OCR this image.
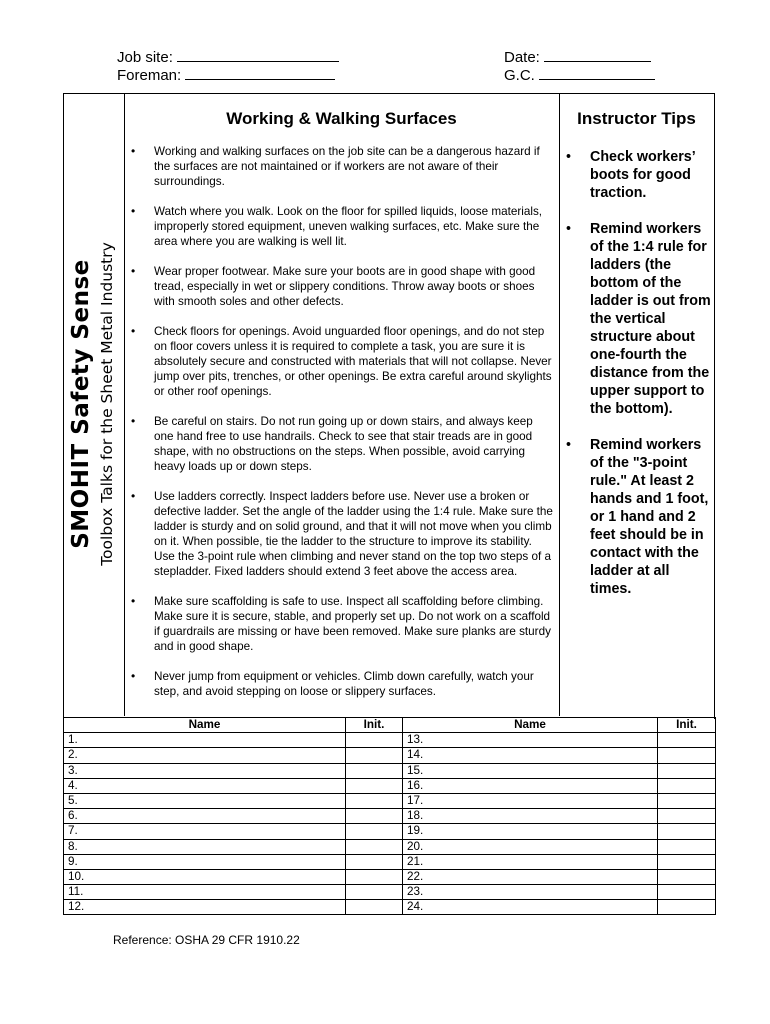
Job site:
Foreman:
Date:
G.C.
SMOHIT Safety Sense Toolbox Talks for the Sheet Metal Industry
Working & Walking Surfaces	Instructor Tips
• Working and walking surfaces on the job site can be a dangerous hazard if the surfaces are not maintained or if workers are not aware of their surroundings.
• Watch where you walk. Look on the floor for spilled liquids, loose materials, improperly stored equipment, uneven walking surfaces, etc. Make sure the area where you are walking is well lit.
• Wear proper footwear. Make sure your boots are in good shape with good tread, especially in wet or slippery conditions. Throw away boots or shoes with smooth soles and other defects.
• Check floors for openings. Avoid unguarded floor openings, and do not step on floor covers unless it is required to complete a task, you are sure it is absolutely secure and constructed with materials that will not collapse. Never jump over pits, trenches, or other openings. Be extra careful around skylights or other roof openings.
• Be careful on stairs. Do not run going up or down stairs, and always keep one hand free to use handrails. Check to see that stair treads are in good shape, with no obstructions on the steps. When possible, avoid carrying heavy loads up or down steps.
• Use ladders correctly. Inspect ladders before use. Never use a broken or defective ladder. Set the angle of the ladder using the 1:4 rule. Make sure the ladder is sturdy and on solid ground, and that it will not move when you climb on it. When possible, tie the ladder to the structure to improve its stability. Use the 3-point rule when climbing and never stand on the top two steps of a stepladder. Fixed ladders should extend 3 feet above the access area.
• Make sure scaffolding is safe to use. Inspect all scaffolding before climbing. Make sure it is secure, stable, and properly set up. Do not work on a scaffold if guardrails are missing or have been removed. Make sure planks are sturdy and in good shape.
• Never jump from equipment or vehicles. Climb down carefully, watch your step, and avoid stepping on loose or slippery surfaces.
• Check workers’ boots for good traction.
• Remind workers of the 1:4 rule for ladders (the bottom of the ladder is out from the vertical structure about one-fourth the distance from the upper support to the bottom).
• Remind workers of the "3-point rule." At least 2 hands and 1 foot, or 1 hand and 2 feet should be in contact with the ladder at all times.
Name	Init.	Name	Init.
1.		13.	
2.		14.	
3.		15.	
4.		16.	
5.		17.	
6.		18.	
7.		19.	
8.		20.	
9.		21.	
10.		22.	
11.		23.	
12.		24.	
Reference: OSHA 29 CFR 1910.22
